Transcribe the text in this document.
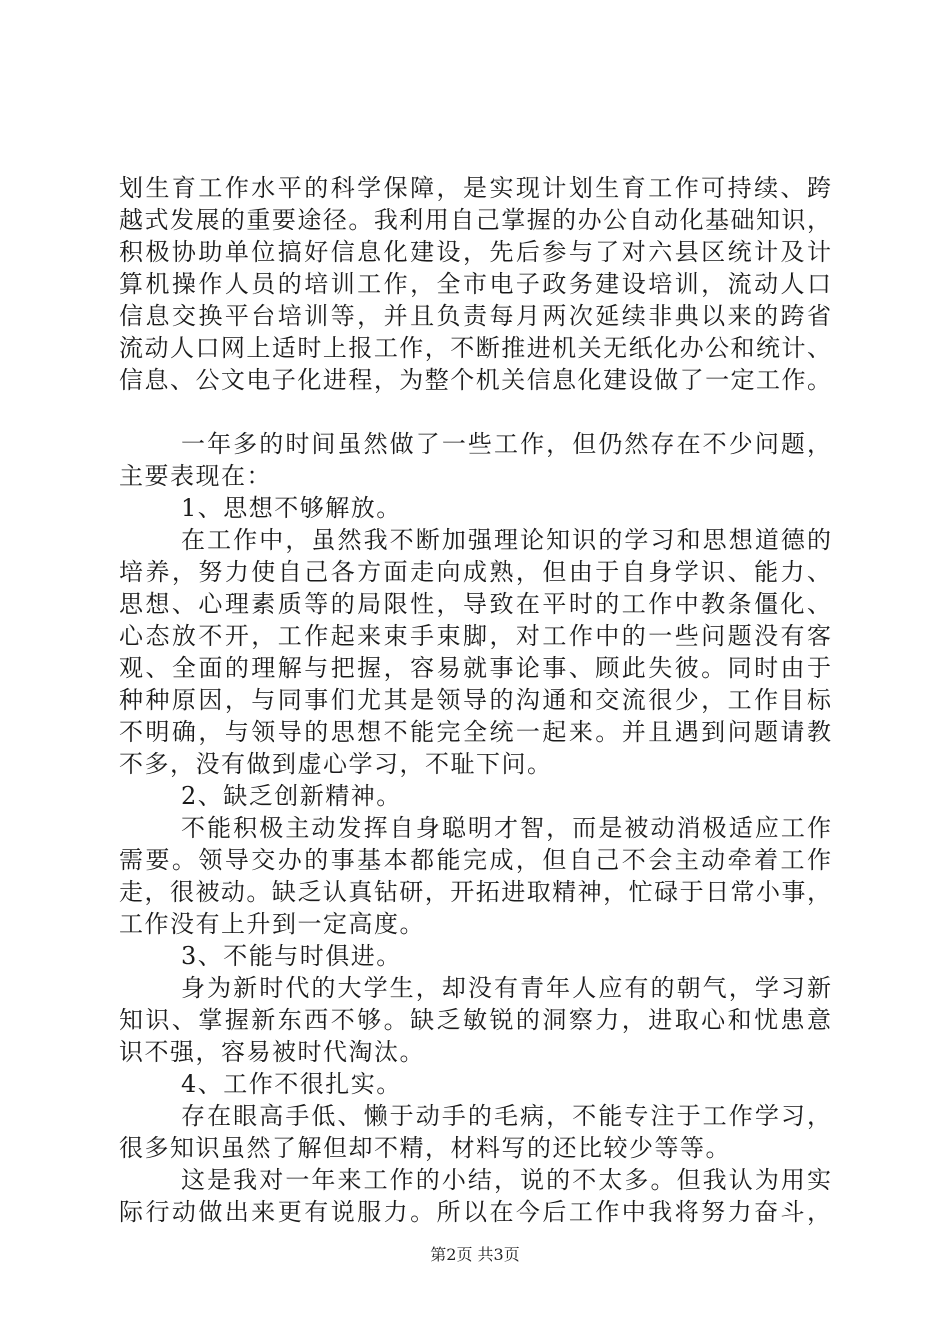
划生育工作水平的科学保障，是实现计划生育工作可持续、跨
越式发展的重要途径。我利用自己掌握的办公自动化基础知识，
积极协助单位搞好信息化建设，先后参与了对六县区统计及计
算机操作人员的培训工作，全市电子政务建设培训，流动人口
信息交换平台培训等，并且负责每月两次延续非典以来的跨省
流动人口网上适时上报工作，不断推进机关无纸化办公和统计、
信息、公文电子化进程，为整个机关信息化建设做了一定工作。
一年多的时间虽然做了一些工作，但仍然存在不少问题，
主要表现在：
1、思想不够解放。
在工作中，虽然我不断加强理论知识的学习和思想道德的
培养，努力使自己各方面走向成熟，但由于自身学识、能力、
思想、心理素质等的局限性，导致在平时的工作中教条僵化、
心态放不开，工作起来束手束脚，对工作中的一些问题没有客
观、全面的理解与把握，容易就事论事、顾此失彼。同时由于
种种原因，与同事们尤其是领导的沟通和交流很少，工作目标
不明确，与领导的思想不能完全统一起来。并且遇到问题请教
不多，没有做到虚心学习，不耻下问。
2、缺乏创新精神。
不能积极主动发挥自身聪明才智，而是被动消极适应工作
需要。领导交办的事基本都能完成，但自己不会主动牵着工作
走，很被动。缺乏认真钻研，开拓进取精神，忙碌于日常小事，
工作没有上升到一定高度。
3、不能与时俱进。
身为新时代的大学生，却没有青年人应有的朝气，学习新
知识、掌握新东西不够。缺乏敏锐的洞察力，进取心和忧患意
识不强，容易被时代淘汰。
4、工作不很扎实。
存在眼高手低、懒于动手的毛病，不能专注于工作学习，
很多知识虽然了解但却不精，材料写的还比较少等等。
这是我对一年来工作的小结，说的不太多。但我认为用实
际行动做出来更有说服力。所以在今后工作中我将努力奋斗，
第2页 共3页
